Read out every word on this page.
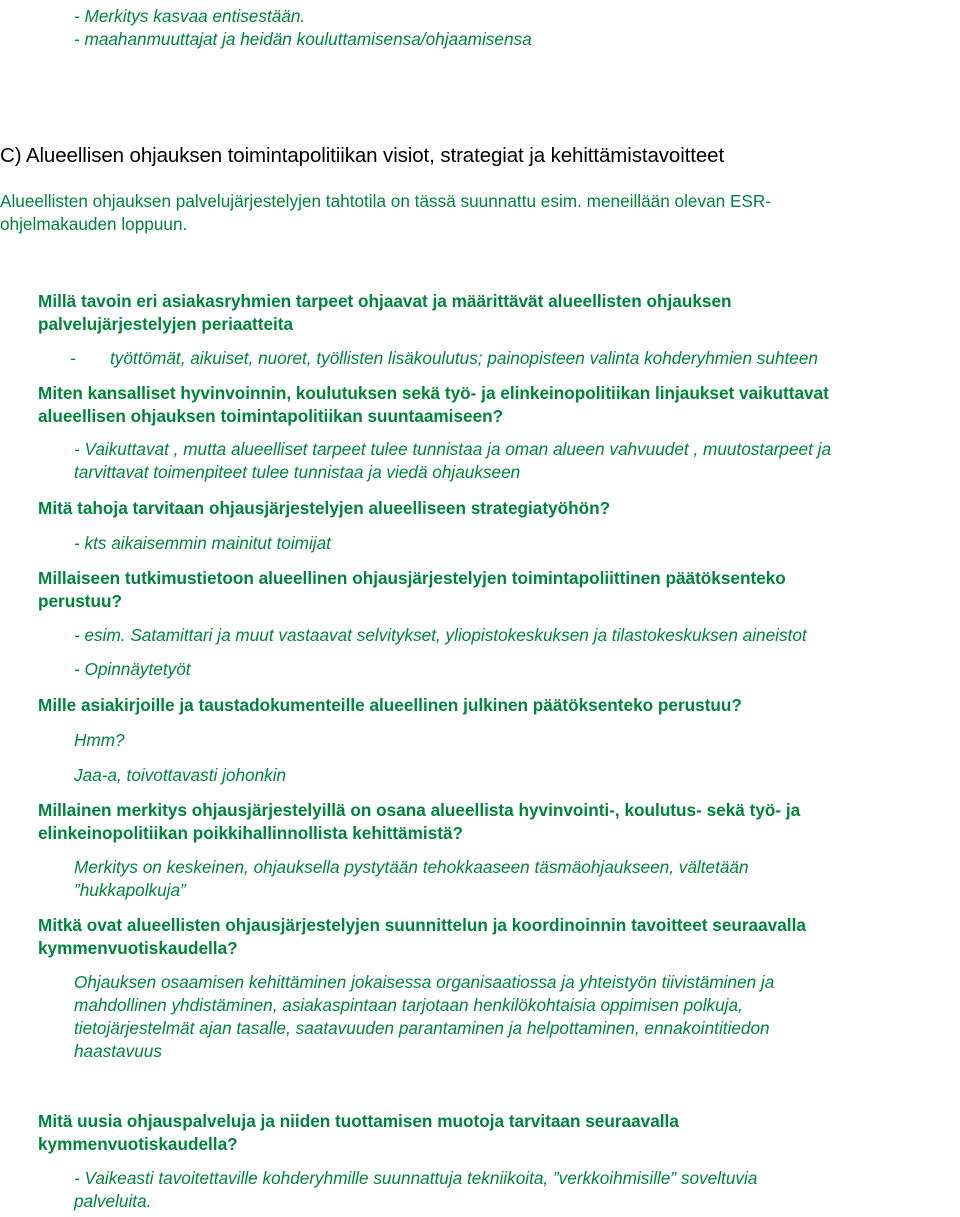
- Merkitys kasvaa entisestään.
- maahanmuuttajat ja heidän kouluttamisensa/ohjaamisensa
C) Alueellisen ohjauksen toimintapolitiikan visiot, strategiat ja kehittämistavoitteet
Alueellisten ohjauksen palvelujärjestelyjen tahtotila on tässä suunnattu esim. meneillään olevan ESR-
ohjelmakauden loppuun.
Millä tavoin eri asiakasryhmien tarpeet ohjaavat ja määrittävät alueellisten ohjauksen
palvelujärjestelyjen periaatteita
-	työttömät, aikuiset, nuoret, työllisten lisäkoulutus; painopisteen valinta kohderyhmien suhteen
Miten kansalliset hyvinvoinnin, koulutuksen sekä työ- ja elinkeinopolitiikan linjaukset vaikuttavat
alueellisen ohjauksen toimintapolitiikan suuntaamiseen?
- Vaikuttavat , mutta alueelliset tarpeet tulee tunnistaa ja oman alueen vahvuudet , muutostarpeet ja
tarvittavat toimenpiteet tulee tunnistaa ja viedä ohjaukseen
Mitä tahoja tarvitaan ohjausjärjestelyjen alueelliseen strategiatyöhön?
- kts aikaisemmin mainitut toimijat
Millaiseen tutkimustietoon alueellinen ohjausjärjestelyjen toimintapoliittinen päätöksenteko
perustuu?
- esim. Satamittari ja muut vastaavat selvitykset, yliopistokeskuksen ja tilastokeskuksen aineistot
- Opinnäytetyöt
Mille asiakirjoille ja taustadokumenteille alueellinen julkinen päätöksenteko perustuu?
Hmm?
Jaa-a, toivottavasti johonkin
Millainen merkitys ohjausjärjestelyillä on osana alueellista hyvinvointi-, koulutus- sekä työ- ja
elinkeinopolitiikan poikkihallinnollista kehittämistä?
Merkitys on keskeinen, ohjauksella pystytään tehokkaaseen täsmäohjaukseen, vältetään
”hukkapolkuja”
Mitkä ovat alueellisten ohjausjärjestelyjen suunnittelun ja koordinoinnin tavoitteet seuraavalla
kymmenvuotiskaudella?
Ohjauksen osaamisen kehittäminen jokaisessa organisaatiossa ja yhteistyön tiivistäminen ja
mahdollinen yhdistäminen, asiakaspintaan tarjotaan henkilökohtaisia oppimisen polkuja,
tietojärjestelmät ajan tasalle, saatavuuden parantaminen ja helpottaminen, ennakointitiedon
haastavuus
Mitä uusia ohjauspalveluja ja niiden tuottamisen muotoja tarvitaan seuraavalla
kymmenvuotiskaudella?
- Vaikeasti tavoitettaville kohderyhmille suunnattuja tekniikoita, ”verkkoihmisille” soveltuvia
palveluita.
